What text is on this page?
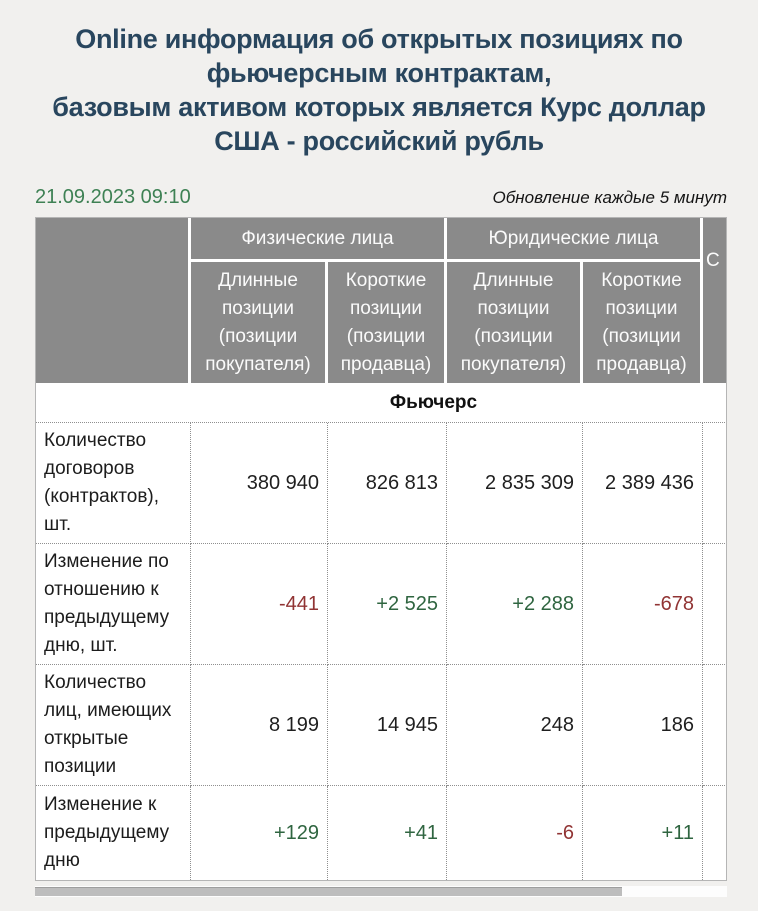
Online информация об открытых позициях по
фьючерсным контрактам,
базовым активом которых является Курс доллар
США - российский рубль
21.09.2023 09:10	Обновление каждые 5 минут
	Физические лица		Юридические лица		С
	Длинные позиции (позиции покупателя)	Короткие позиции (позиции продавца)	Длинные позиции (позиции покупателя)	Короткие позиции (позиции продавца)	
Фьючерс					
Количество договоров (контрактов), шт.	380 940	826 813	2 835 309	2 389 436	
Изменение по отношению к предыдущему дню, шт.	-441	+2 525	+2 288	-678	
Количество лиц, имеющих открытые позиции	8 199	14 945	248	186	
Изменение к предыдущему дню	+129	+41	-6	+11	
